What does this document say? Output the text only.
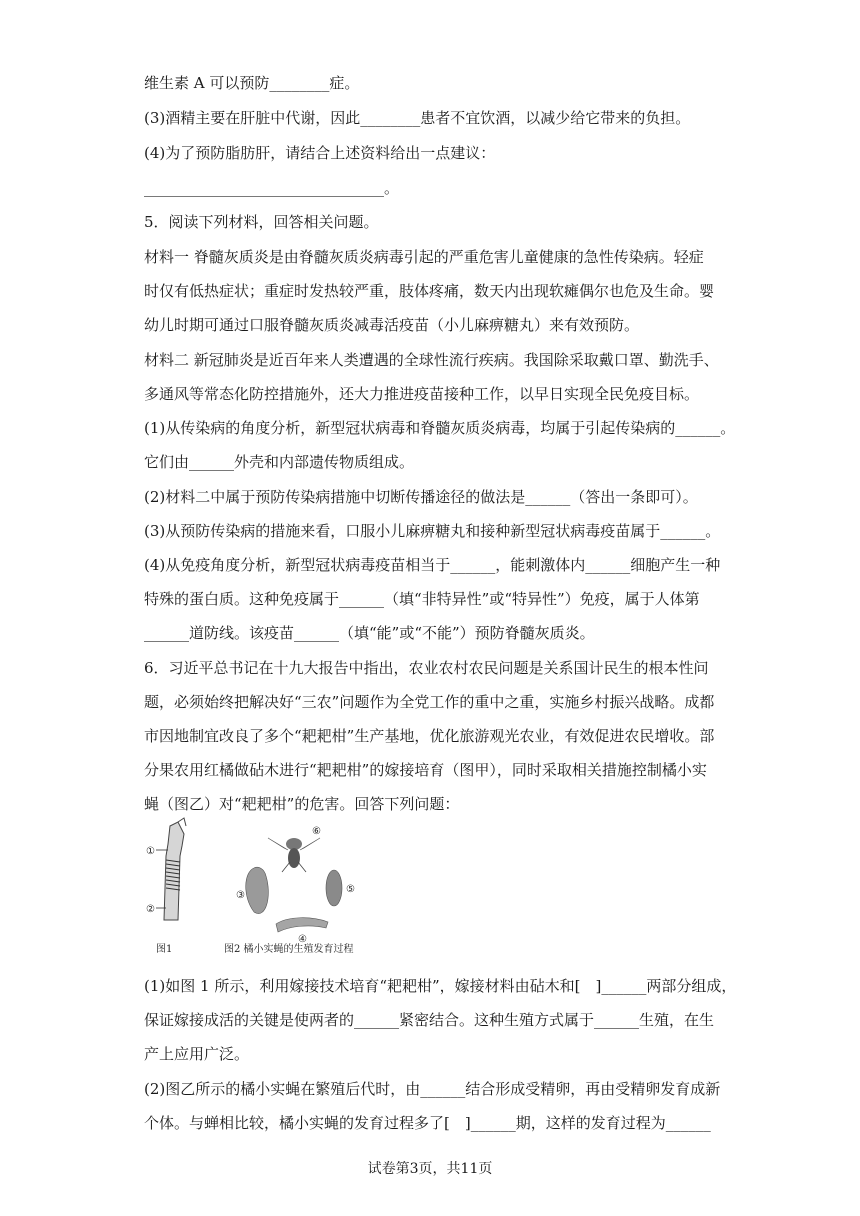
维生素 A 可以预防________症。
(3)酒精主要在肝脏中代谢，因此________患者不宜饮酒，以减少给它带来的负担。
(4)为了预防脂肪肝，请结合上述资料给出一点建议：
________________________________。
5．阅读下列材料，回答相关问题。
材料一 脊髓灰质炎是由脊髓灰质炎病毒引起的严重危害儿童健康的急性传染病。轻症
时仅有低热症状；重症时发热较严重，肢体疼痛，数天内出现软瘫偶尔也危及生命。婴
幼儿时期可通过口服脊髓灰质炎减毒活疫苗（小儿麻痹糖丸）来有效预防。
材料二 新冠肺炎是近百年来人类遭遇的全球性流行疾病。我国除采取戴口罩、勤洗手、
多通风等常态化防控措施外，还大力推进疫苗接种工作，以早日实现全民免疫目标。
(1)从传染病的角度分析，新型冠状病毒和脊髓灰质炎病毒，均属于引起传染病的______。
它们由______外壳和内部遗传物质组成。
(2)材料二中属于预防传染病措施中切断传播途径的做法是______（答出一条即可）。
(3)从预防传染病的措施来看，口服小儿麻痹糖丸和接种新型冠状病毒疫苗属于______。
(4)从免疫角度分析，新型冠状病毒疫苗相当于______，能刺激体内______细胞产生一种
特殊的蛋白质。这种免疫属于______（填“非特异性”或“特异性”）免疫，属于人体第
______道防线。该疫苗______（填“能”或“不能”）预防脊髓灰质炎。
6．习近平总书记在十九大报告中指出，农业农村农民问题是关系国计民生的根本性问
题，必须始终把解决好“三农”问题作为全党工作的重中之重，实施乡村振兴战略。成都
市因地制宜改良了多个“耙耙柑”生产基地，优化旅游观光农业，有效促进农民增收。部
分果农用红橘做砧木进行“耙耙柑”的嫁接培育（图甲），同时采取相关措施控制橘小实
蝇（图乙）对“耙耙柑”的危害。回答下列问题：
①
②
⑥
③
⑤
④
图1	图2 橘小实蝇的生殖发育过程
(1)如图 1 所示，利用嫁接技术培育“耙耙柑”，嫁接材料由砧木和[　]______两部分组成，
保证嫁接成活的关键是使两者的______紧密结合。这种生殖方式属于______生殖，在生
产上应用广泛。
(2)图乙所示的橘小实蝇在繁殖后代时，由______结合形成受精卵，再由受精卵发育成新
个体。与蝉相比较，橘小实蝇的发育过程多了[　]______期，这样的发育过程为______
试卷第3页，共11页
